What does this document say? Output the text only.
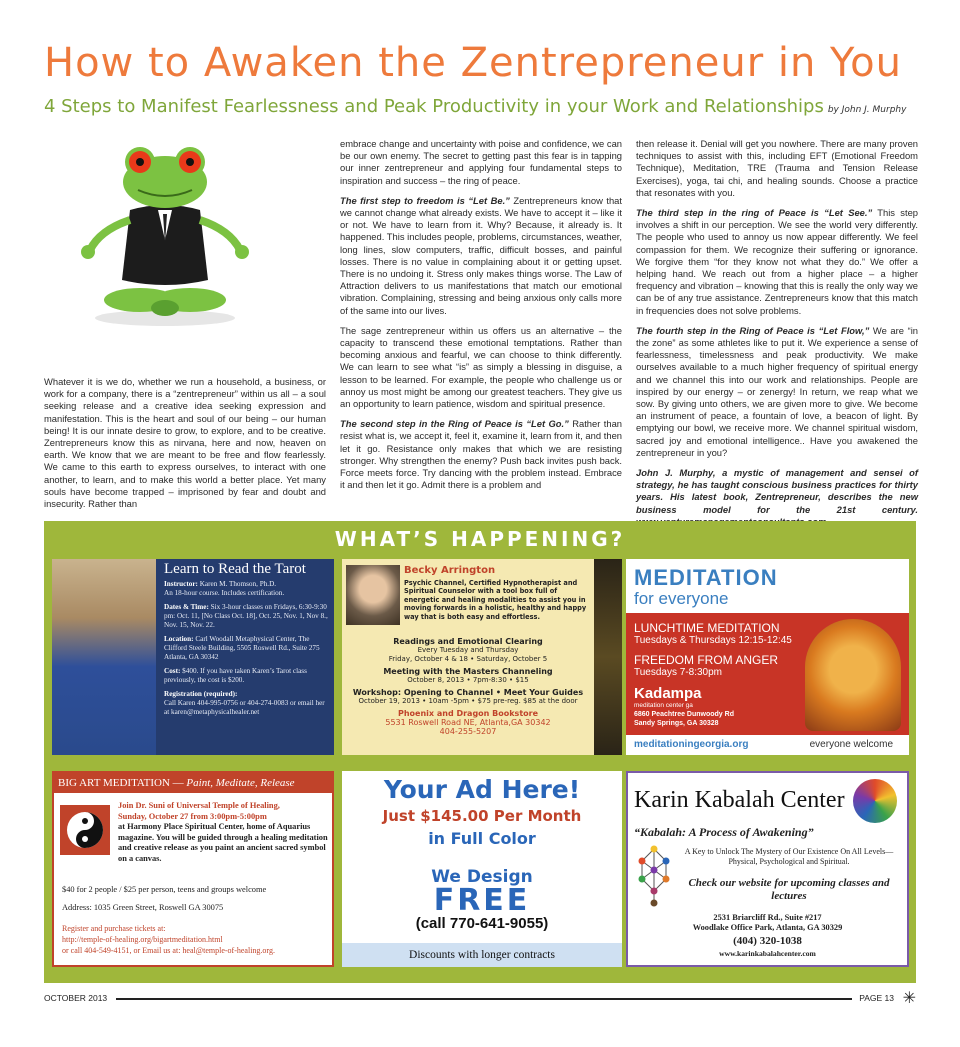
How to Awaken the Zentrepreneur in You
4 Steps to Manifest Fearlessness and Peak Productivity in your Work and Relationships by John J. Murphy

Whatever it is we do, whether we run a household, a business, or work for a company, there is a “zentrepreneur” within us all – a soul seeking release and a creative idea seeking expression and manifestation. This is the heart and soul of our being – our human being! It is our innate desire to grow, to explore, and to be creative. Zentrepreneurs know this as nirvana, here and now, heaven on earth. We know that we are meant to be free and flow fearlessly. We came to this earth to express ourselves, to interact with one another, to learn, and to make this world a better place. Yet many souls have become trapped – imprisoned by fear and doubt and insecurity. Rather than

embrace change and uncertainty with poise and confidence, we can be our own enemy. The secret to getting past this fear is in tapping our inner zentrepreneur and applying four fundamental steps to inspiration and success – the ring of peace.

The first step to freedom is “Let Be.” Zentrepreneurs know that we cannot change what already exists. We have to accept it – like it or not. We have to learn from it. Why? Because, it already is. It happened. This includes people, problems, circumstances, weather, long lines, slow computers, traffic, difficult bosses, and painful losses. There is no value in complaining about it or getting upset. There is no undoing it. Stress only makes things worse. The Law of Attraction delivers to us manifestations that match our emotional vibration. Complaining, stressing and being anxious only calls more of the same into our lives.

The sage zentrepreneur within us offers us an alternative – the capacity to transcend these emotional temptations. Rather than becoming anxious and fearful, we can choose to think differently. We can learn to see what “is” as simply a blessing in disguise, a lesson to be learned. For example, the people who challenge us or annoy us most might be among our greatest teachers. They give us an opportunity to learn patience, wisdom and spiritual presence.

The second step in the Ring of Peace is “Let Go.” Rather than resist what is, we accept it, feel it, examine it, learn from it, and then let it go. Resistance only makes that which we are resisting stronger. Why strengthen the enemy? Push back invites push back. Force meets force. Try dancing with the problem instead. Embrace it and then let it go. Admit there is a problem and

then release it. Denial will get you nowhere. There are many proven techniques to assist with this, including EFT (Emotional Freedom Technique), Meditation, TRE (Trauma and Tension Release Exercises), yoga, tai chi, and healing sounds. Choose a practice that resonates with you.

The third step in the ring of Peace is “Let See.” This step involves a shift in our perception. We see the world very differently. The people who used to annoy us now appear differently. We feel compassion for them. We recognize their suffering or ignorance. We forgive them “for they know not what they do.” We offer a helping hand. We reach out from a higher place – a higher frequency and vibration – knowing that this is really the only way we can be of any true assistance. Zentrepreneurs know that this match in frequencies does not solve problems.

The fourth step in the Ring of Peace is “Let Flow,” We are “in the zone” as some athletes like to put it. We experience a sense of fearlessness, timelessness and peak productivity. We make ourselves available to a much higher frequency of spiritual energy and we channel this into our work and relationships. People are inspired by our energy – or zenergy! In return, we reap what we sow. By giving unto others, we are given more to give. We become an instrument of peace, a fountain of love, a beacon of light. By emptying our bowl, we receive more. We channel spiritual wisdom, sacred joy and emotional intelligence.. Have you awakened the zentrepreneur in you?

John J. Murphy, a mystic of management and sensei of strategy, he has taught conscious business practices for thirty years. His latest book, Zentrepreneur, describes the new business model for the 21st century.

WHAT’S HAPPENING?
Learn to Read the Tarot
Instructor: Karen M. Thomson, Ph.D.
An 18-hour course. Includes certification.
Dates & Time: Six 3-hour classes on Fridays, 6:30-9:30 pm: Oct. 11, [No Class Oct. 18], Oct. 25, Nov. 1, Nov 8., Nov. 15, Nov. 22.
Location: Carl Woodall Metaphysical Center, The Clifford Steele Building, 5505 Roswell Rd., Suite 275 Atlanta, GA 30342
Cost: $400. If you have taken Karen’s Tarot class previously, the cost is $200.
Registration (required):
Call Karen 404-995-0756 or 404-274-0083 or email her at karen@metaphysicalhealer.net
Becky Arrington
Psychic Channel, Certified Hypnotherapist and Spiritual Counselor with a tool box full of energetic and healing modalities to assist you in moving forwards in a holistic, healthy and happy way that is both easy and effortless.
Readings and Emotional Clearing
Every Tuesday and Thursday
Friday, October 4 & 18 • Saturday, October 5
Meeting with the Masters Channeling
October 8, 2013 • 7pm-8:30 • $15
Workshop: Opening to Channel • Meet Your Guides
October 19, 2013 • 10am -5pm • $75 pre-reg. $85 at the door
Phoenix and Dragon Bookstore
5531 Roswell Road NE, Atlanta,GA 30342
404-255-5207
MEDITATION
for everyone
LUNCHTIME MEDITATION
Tuesdays & Thursdays 12:15-12:45
FREEDOM FROM ANGER
Tuesdays 7-8:30pm
Kadampa
meditation center ga
6860 Peachtree Dunwoody Rd
Sandy Springs, GA 30328
meditationingeorgia.org	everyone welcome
BIG ART MEDITATION — Paint, Meditate, Release
Join Dr. Suni of Universal Temple of Healing,
Sunday, October 27 from 3:00pm-5:00pm
at Harmony Place Spiritual Center, home of Aquarius magazine. You will be guided through a healing meditation and creative release as you paint an ancient sacred symbol on a canvas.
$40 for 2 people / $25 per person, teens and groups welcome
Address: 1035 Green Street, Roswell GA 30075
Register and purchase tickets at:
http://temple-of-healing.org/bigartmeditation.html
or call 404-549-4151, or Email us at: heal@temple-of-healing.org.
Your Ad Here!
Just $145.00 Per Month
in Full Color
We Design
FREE
(call 770-641-9055)
Discounts with longer contracts
Karin Kabalah Center
“Kabalah: A Process of Awakening”
A Key to Unlock The Mystery of Our Existence On All Levels—Physical, Psychological and Spiritual.
Check our website for upcoming classes and lectures
2531 Briarcliff Rd., Suite #217
Woodlake Office Park, Atlanta, GA 30329
(404) 320-1038
www.karinkabalahcenter.com
OCTOBER 2013	PAGE 13 ✳
